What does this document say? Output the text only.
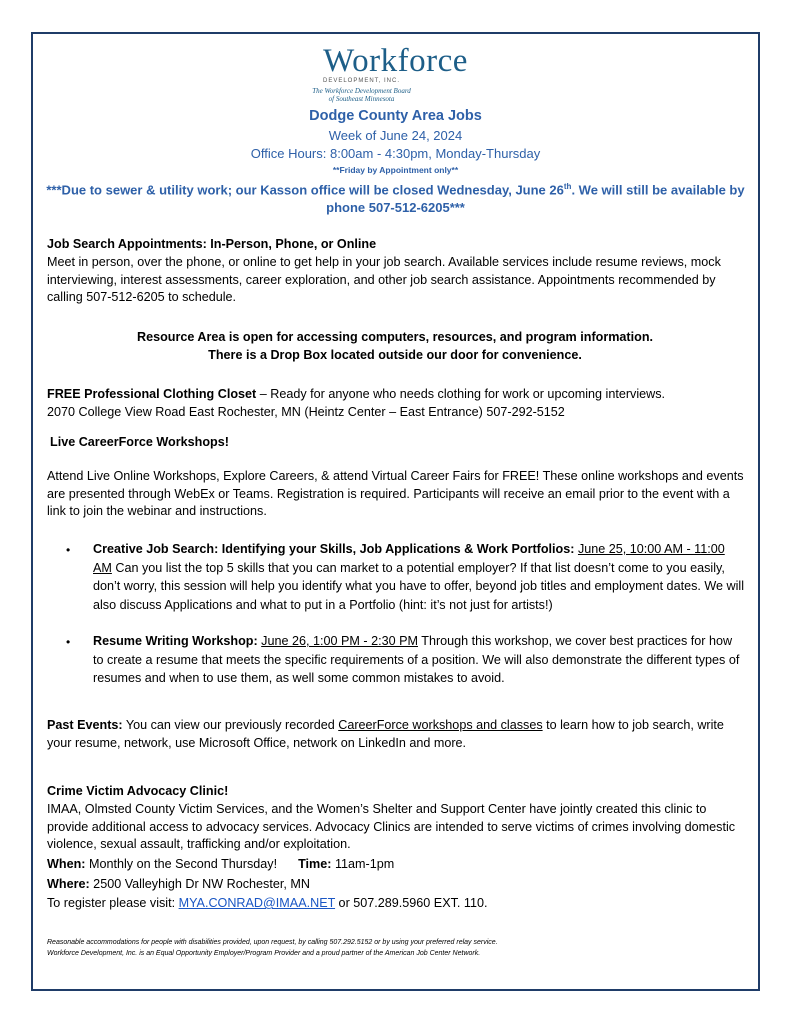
Workforce
DEVELOPMENT, INC.
The Workforce Development Board
of Southeast Minnesota
Dodge County Area Jobs
Week of June 24, 2024
Office Hours: 8:00am - 4:30pm, Monday-Thursday
**Friday by Appointment only**
***Due to sewer & utility work; our Kasson office will be closed Wednesday, June 26th. We will still be available by phone 507-512-6205***
Job Search Appointments: In-Person, Phone, or Online
Meet in person, over the phone, or online to get help in your job search. Available services include resume reviews, mock interviewing, interest assessments, career exploration, and other job search assistance. Appointments recommended by calling 507-512-6205 to schedule.
Resource Area is open for accessing computers, resources, and program information.
There is a Drop Box located outside our door for convenience.
FREE Professional Clothing Closet – Ready for anyone who needs clothing for work or upcoming interviews.
2070 College View Road East Rochester, MN (Heintz Center – East Entrance) 507-292-5152
Live CareerForce Workshops!
Attend Live Online Workshops, Explore Careers, & attend Virtual Career Fairs for FREE! These online workshops and events are presented through WebEx or Teams. Registration is required. Participants will receive an email prior to the event with a link to join the webinar and instructions.
• Creative Job Search: Identifying your Skills, Job Applications & Work Portfolios: June 25, 10:00 AM - 11:00 AM Can you list the top 5 skills that you can market to a potential employer? If that list doesn’t come to you easily, don’t worry, this session will help you identify what you have to offer, beyond job titles and employment dates. We will also discuss Applications and what to put in a Portfolio (hint: it’s not just for artists!)
• Resume Writing Workshop: June 26, 1:00 PM - 2:30 PM Through this workshop, we cover best practices for how to create a resume that meets the specific requirements of a position. We will also demonstrate the different types of resumes and when to use them, as well some common mistakes to avoid.
Past Events: You can view our previously recorded CareerForce workshops and classes to learn how to job search, write your resume, network, use Microsoft Office, network on LinkedIn and more.
Crime Victim Advocacy Clinic!
IMAA, Olmsted County Victim Services, and the Women’s Shelter and Support Center have jointly created this clinic to provide additional access to advocacy services. Advocacy Clinics are intended to serve victims of crimes involving domestic violence, sexual assault, trafficking and/or exploitation.
When: Monthly on the Second Thursday! Time: 11am-1pm
Where: 2500 Valleyhigh Dr NW Rochester, MN
To register please visit: MYA.CONRAD@IMAA.NET or 507.289.5960 EXT. 110.
Reasonable accommodations for people with disabilities provided, upon request, by calling 507.292.5152 or by using your preferred relay service.
Workforce Development, Inc. is an Equal Opportunity Employer/Program Provider and a proud partner of the American Job Center Network.
